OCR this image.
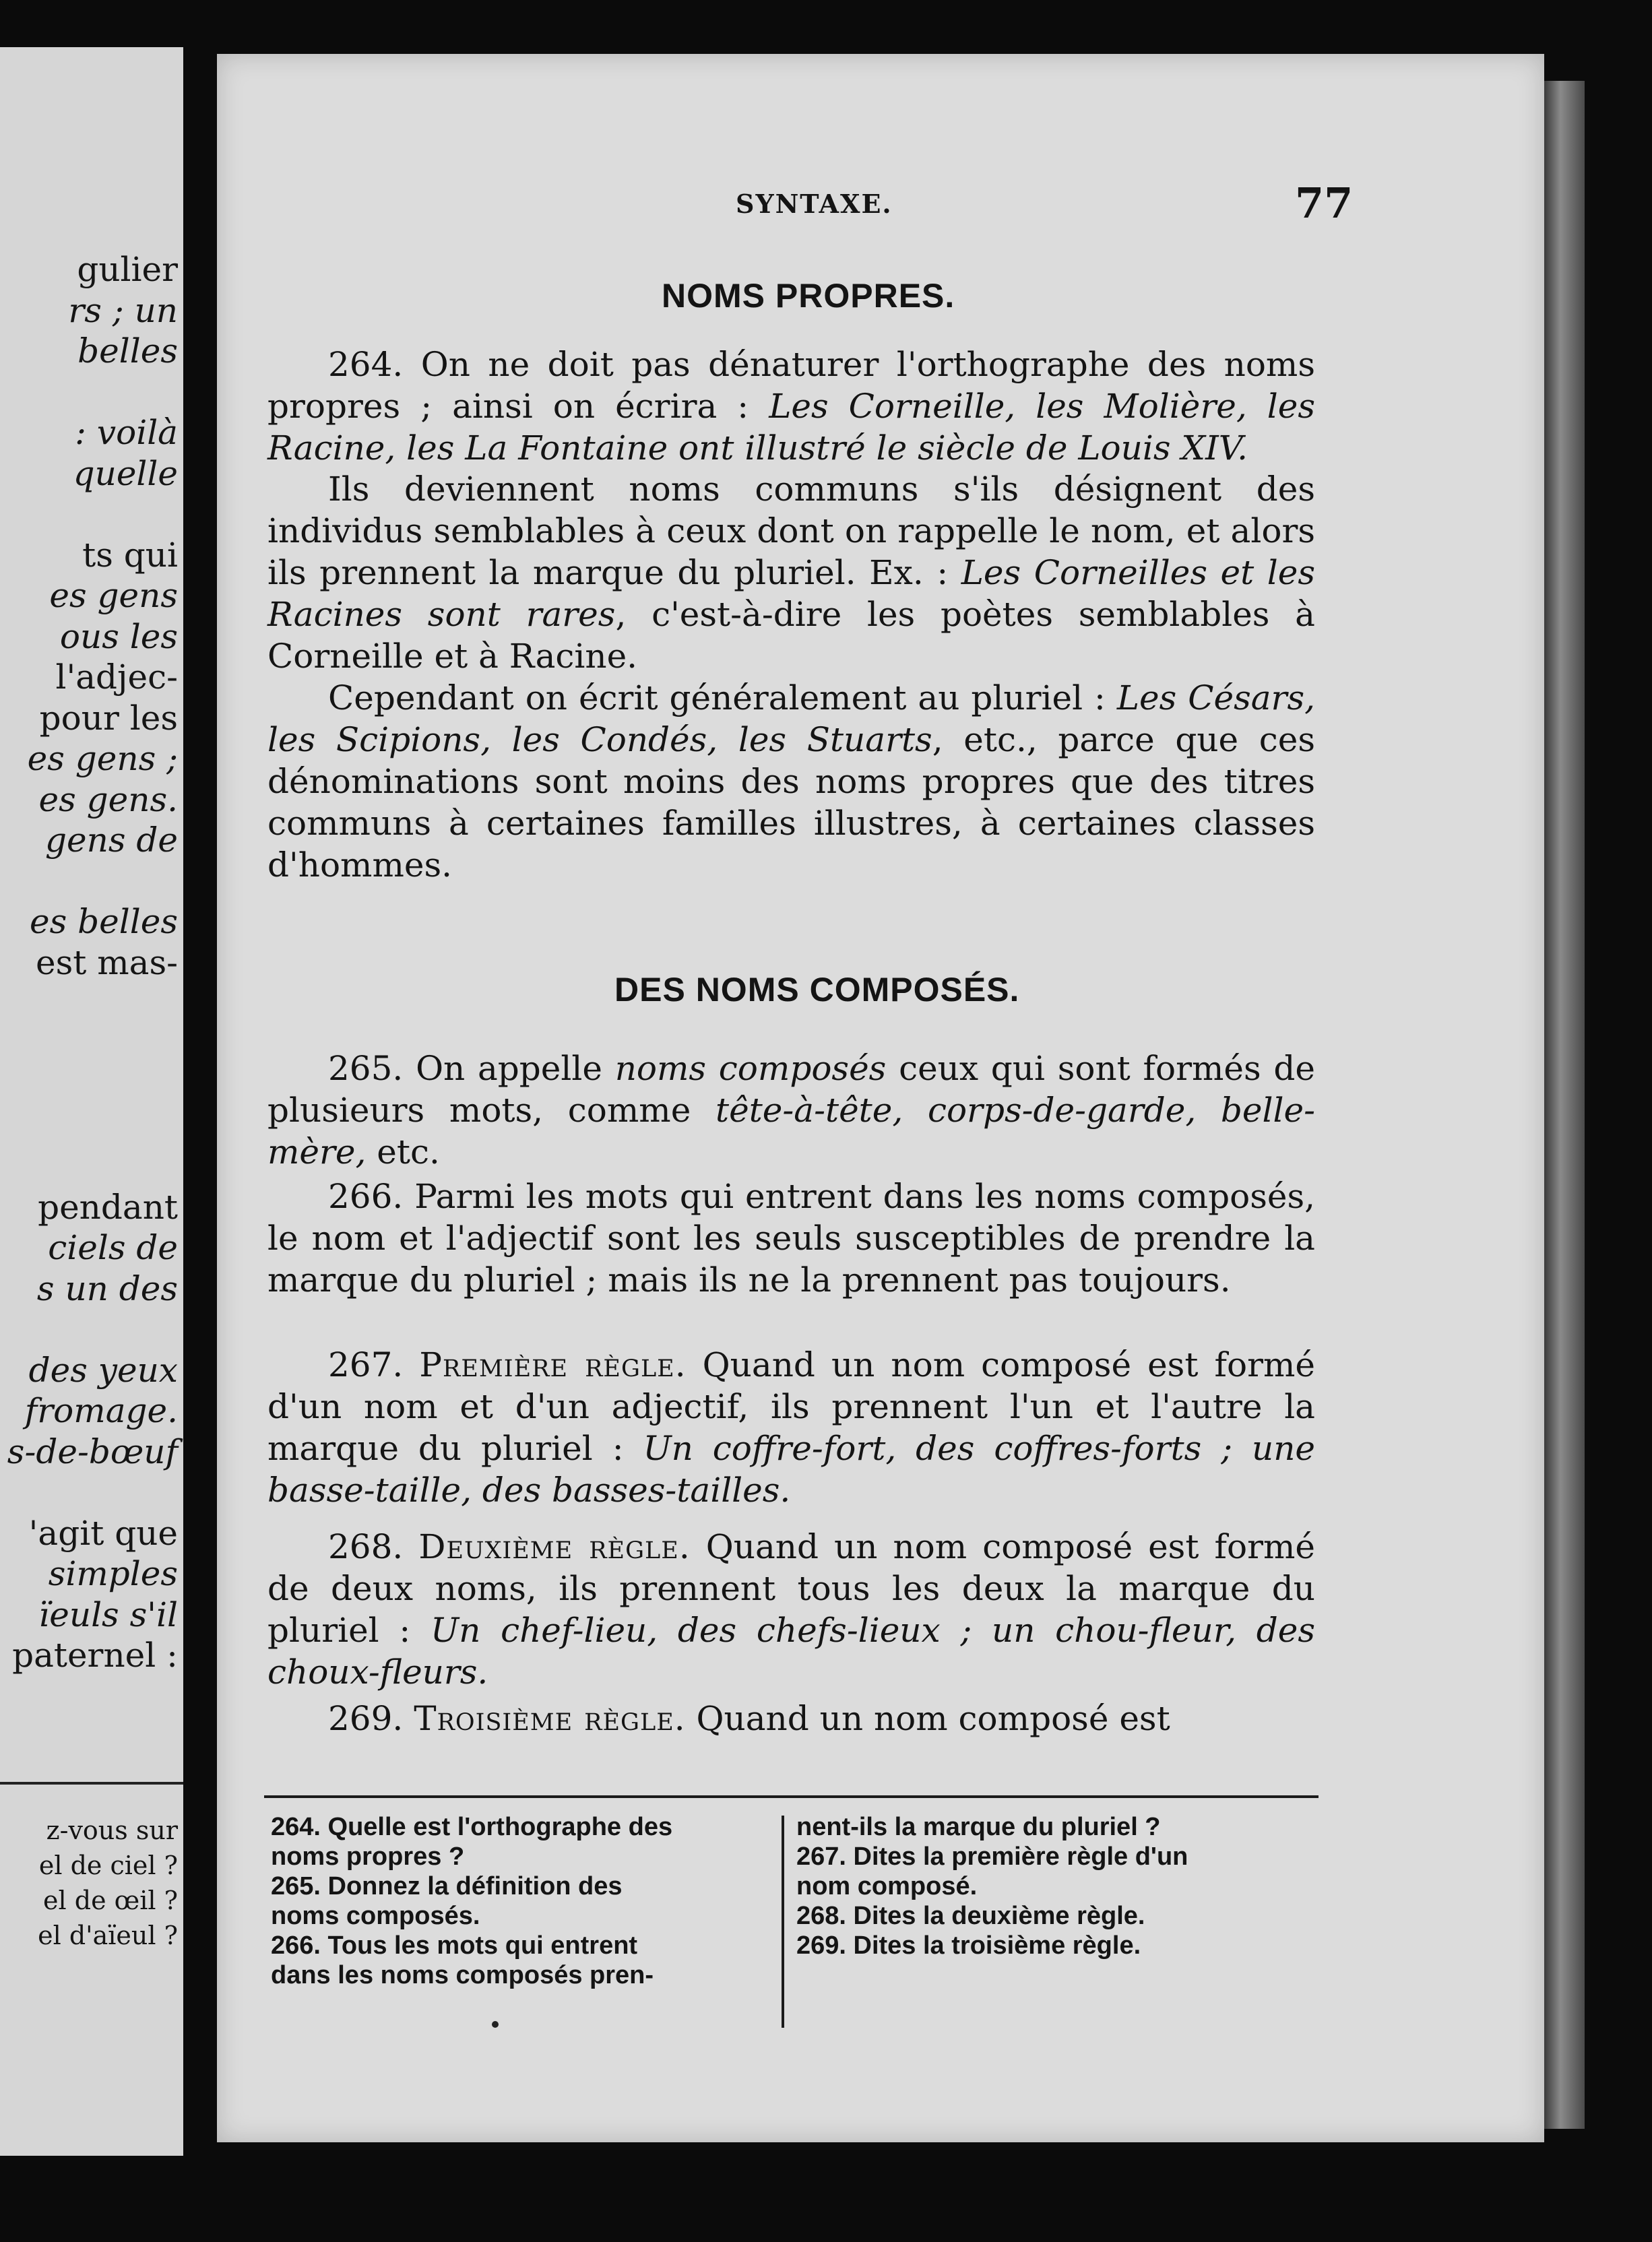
gulier
rs ; un
belles
: voilà
quelle
ts qui
es gens
ous les
l'adjec-
pour les
es gens ;
es gens.
gens de
es belles
est mas-
pendant
ciels de
s un des
des yeux
fromage.
s-de-bœuf
'agit que
simples
ïeuls s'il
paternel :
z-vous sur
el de ciel ?
el de œil ?
el d'aïeul ?
SYNTAXE.	77
NOMS PROPRES.
264. On ne doit pas dénaturer l'orthographe des noms propres ; ainsi on écrira : Les Corneille, les Molière, les Racine, les La Fontaine ont illustré le siècle de Louis XIV.
Ils deviennent noms communs s'ils désignent des individus semblables à ceux dont on rappelle le nom, et alors ils prennent la marque du pluriel. Ex. : Les Corneilles et les Racines sont rares, c'est-à-dire les poètes semblables à Corneille et à Racine.
Cependant on écrit généralement au pluriel : Les Césars, les Scipions, les Condés, les Stuarts, etc., parce que ces dénominations sont moins des noms propres que des titres communs à certaines familles illustres, à certaines classes d'hommes.
DES NOMS COMPOSÉS.
265. On appelle noms composés ceux qui sont formés de plusieurs mots, comme tête-à-tête, corps-de-garde, belle-mère, etc.
266. Parmi les mots qui entrent dans les noms composés, le nom et l'adjectif sont les seuls susceptibles de prendre la marque du pluriel ; mais ils ne la prennent pas toujours.
267. Première règle. Quand un nom composé est formé d'un nom et d'un adjectif, ils prennent l'un et l'autre la marque du pluriel : Un coffre-fort, des coffres-forts ; une basse-taille, des basses-tailles.
268. Deuxième règle. Quand un nom composé est formé de deux noms, ils prennent tous les deux la marque du pluriel : Un chef-lieu, des chefs-lieux ; un chou-fleur, des choux-fleurs.
269. Troisième règle. Quand un nom composé est
264. Quelle est l'orthographe des
noms propres ?
265. Donnez la définition des
noms composés.
266. Tous les mots qui entrent
dans les noms composés pren-
nent-ils la marque du pluriel ?
267. Dites la première règle d'un
nom composé.
268. Dites la deuxième règle.
269. Dites la troisième règle.
